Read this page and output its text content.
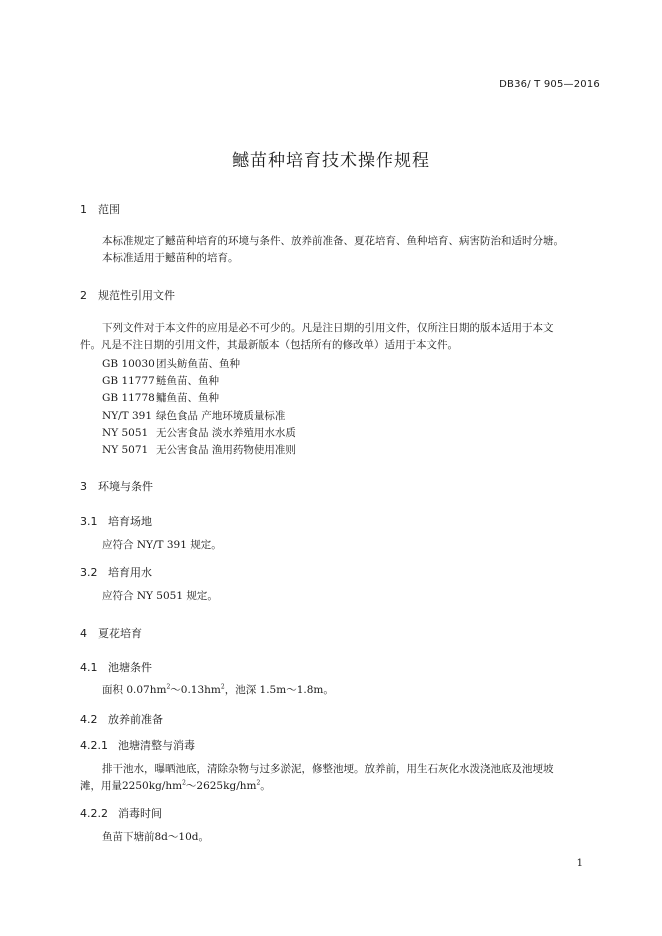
DB36/ T 905—2016
鳡苗种培育技术操作规程
1 范围
本标准规定了鳡苗种培育的环境与条件、放养前准备、夏花培育、鱼种培育、病害防治和适时分塘。
本标准适用于鳡苗种的培育。
2 规范性引用文件
下列文件对于本文件的应用是必不可少的。凡是注日期的引用文件，仅所注日期的版本适用于本文
件。凡是不注日期的引用文件，其最新版本（包括所有的修改单）适用于本文件。
GB 10030团头鲂鱼苗、鱼种
GB 11777鲢鱼苗、鱼种
GB 11778鳙鱼苗、鱼种
NY/T 391 绿色食品 产地环境质量标准
NY 5051 无公害食品 淡水养殖用水水质
NY 5071 无公害食品 渔用药物使用准则
3 环境与条件
3.1 培育场地
应符合 NY/T 391 规定。
3.2 培育用水
应符合 NY 5051 规定。
4 夏花培育
4.1 池塘条件
面积 $0.07hm^2\sim 0.13hm^2$，池深 1.5m～1.8m。
4.2 放养前准备
4.2.1 池塘清整与消毒
排干池水，曝晒池底，清除杂物与过多淤泥，修整池埂。放养前，用生石灰化水泼浇池底及池埂坡
滩，用量$2250kg/hm^2\sim 2625kg/hm^2$。
4.2.2 消毒时间
鱼苗下塘前8d～10d。
1
